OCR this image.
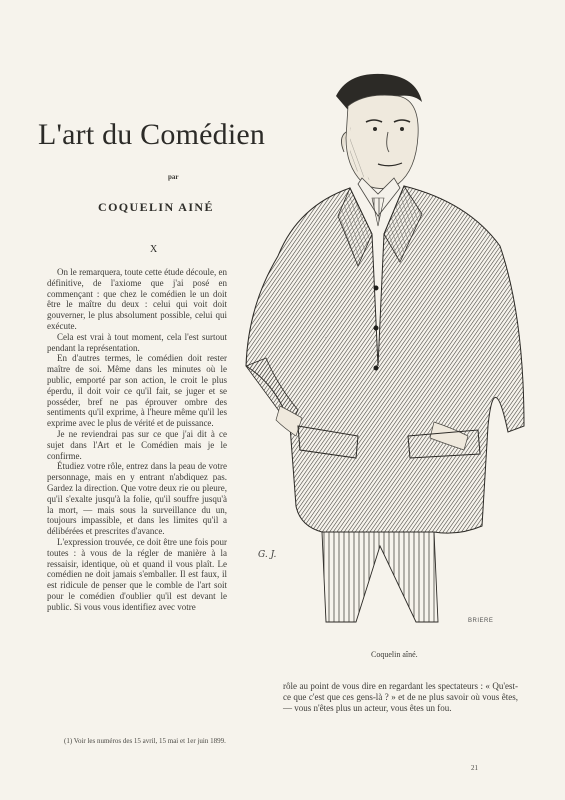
L'art du Comédien
par
COQUELIN AINÉ
X

On le remarquera, toute cette étude découle, en définitive, de l'axiome que j'ai posé en commençant : que chez le comédien le un doit être le maître du deux : celui qui voit doit gouverner, le plus absolument possible, celui qui exécute.

Cela est vrai à tout moment, cela l'est surtout pendant la représentation.

En d'autres termes, le comédien doit rester maître de soi. Même dans les minutes où le public, emporté par son action, le croit le plus éperdu, il doit voir ce qu'il fait, se juger et se posséder, bref ne pas éprouver ombre des sentiments qu'il exprime, à l'heure même qu'il les exprime avec le plus de vérité et de puissance.

Je ne reviendrai pas sur ce que j'ai dit à ce sujet dans l'Art et le Comédien mais je le confirme.

Étudiez votre rôle, entrez dans la peau de votre personnage, mais en y entrant n'abdiquez pas. Gardez la direction. Que votre deux rie ou pleure, qu'il s'exalte jusqu'à la folie, qu'il souffre jusqu'à la mort, — mais sous la surveillance du un, toujours impassible, et dans les limites qu'il a délibérées et prescrites d'avance.

L'expression trouvée, ce doit être une fois pour toutes : à vous de la régler de manière à la ressaisir, identique, où et quand il vous plaît. Le comédien ne doit jamais s'emballer. Il est faux, il est ridicule de penser que le comble de l'art soit pour le comédien d'oublier qu'il est devant le public. Si vous vous identifiez avec votre

G. J.
BRIERE
Coquelin aîné.

rôle au point de vous dire en regardant les spectateurs : « Qu'est-ce que c'est que ces gens-là ? » et de ne plus savoir où vous êtes, — vous n'êtes plus un acteur, vous êtes un fou.

(1) Voir les numéros des 15 avril, 15 mai et 1er juin 1899.
21
